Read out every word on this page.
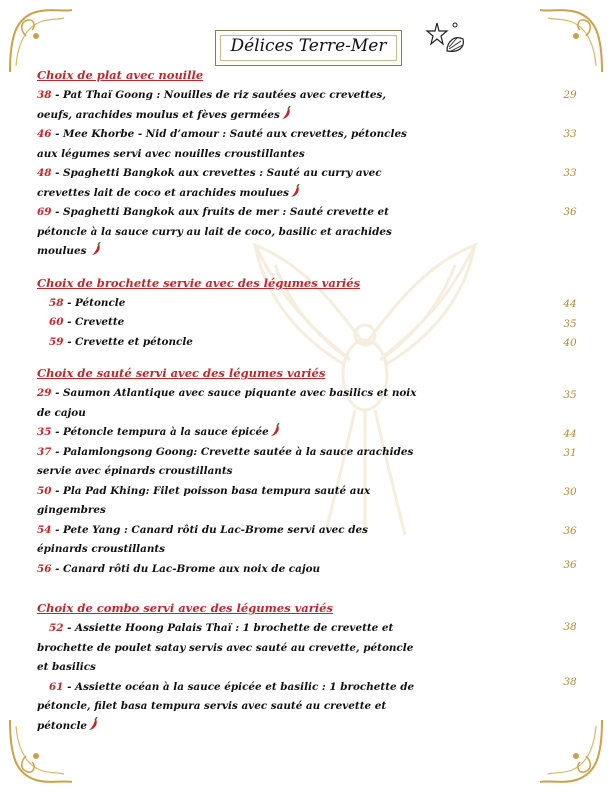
Délices Terre-Mer
Choix de plat avec nouille

38 - Pat Thaï Goong : Nouilles de riz sautées avec crevettes, oeufs, arachides moulus et fèves germées

46 - Mee Khorbe - Nid d’amour : Sauté aux crevettes, pétoncles aux légumes servi avec nouilles croustillantes

48 - Spaghetti Bangkok aux crevettes : Sauté au curry avec crevettes lait de coco et arachides moulues

69 - Spaghetti Bangkok aux fruits de mer : Sauté crevette et pétoncle à la sauce curry au lait de coco, basilic et arachides moulues

Choix de brochette servie avec des légumes variés

58 - Pétoncle

60 - Crevette

59 - Crevette et pétoncle

Choix de sauté servi avec des légumes variés

29 - Saumon Atlantique avec sauce piquante avec basilics et noix de cajou

35 - Pétoncle tempura à la sauce épicée

37 - Palamlongsong Goong: Crevette sautée à la sauce arachides servie avec épinards croustillants

50 - Pla Pad Khing: Filet poisson basa tempura sauté aux gingembres

54 - Pete Yang : Canard rôti du Lac-Brome servi avec des épinards croustillants

56 - Canard rôti du Lac-Brome aux noix de cajou

Choix de combo servi avec des légumes variés

52 - Assiette Hoong Palais Thaï : 1 brochette de crevette et brochette de poulet satay servis avec sauté au crevette, pétoncle et basilics

61 - Assiette océan à la sauce épicée et basilic : 1 brochette de pétoncle, filet basa tempura servis avec sauté au crevette et pétoncle

29
33
33
36
44
35
40
35
44
31
30
36
36
38
38
